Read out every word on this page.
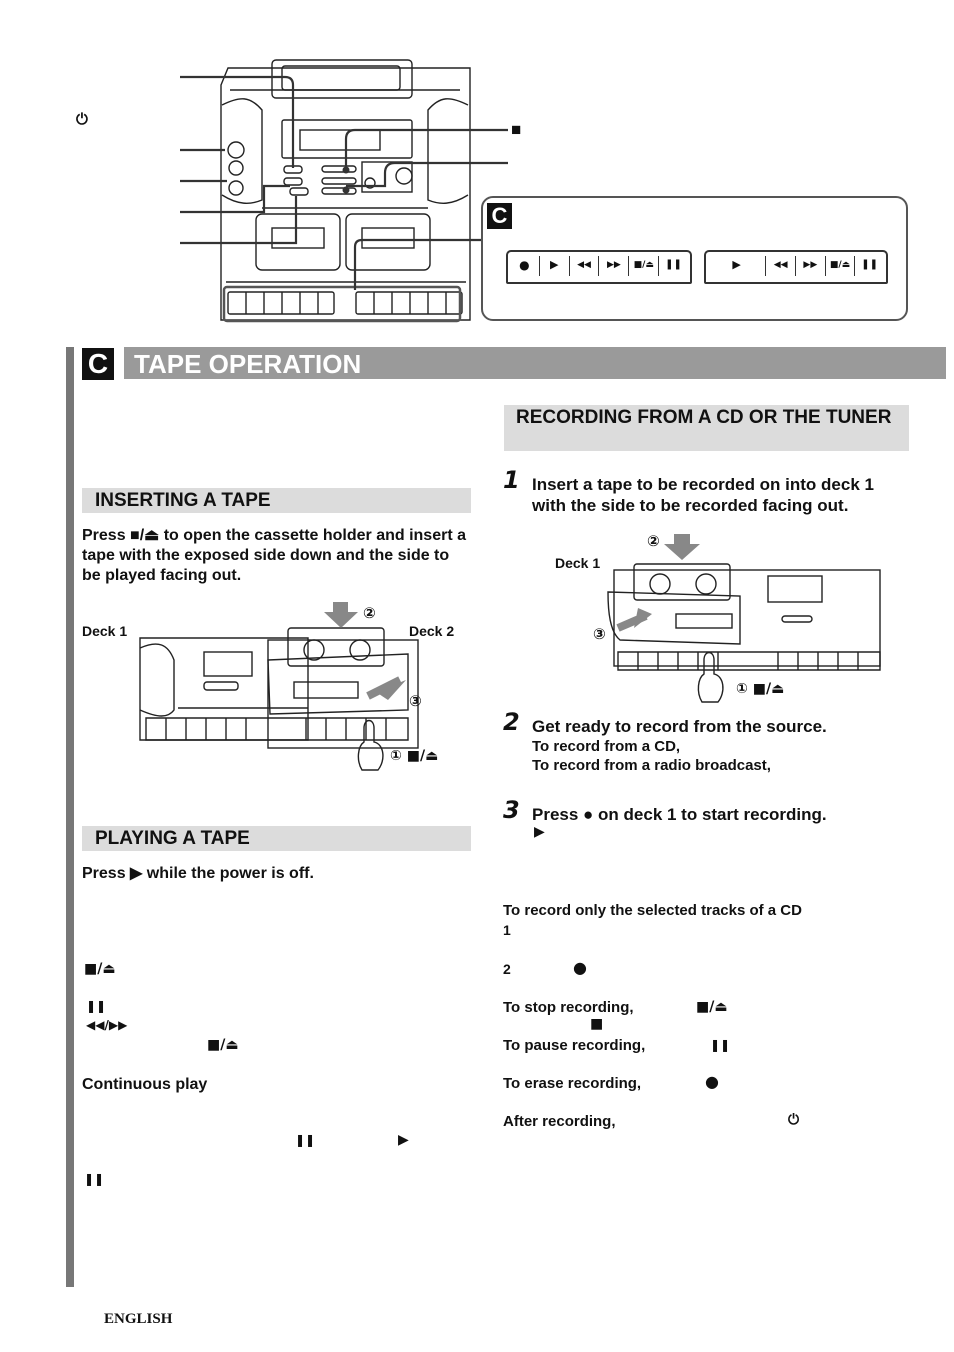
⏻
■
C
●	▶	◀◀	▶▶	■/⏏	❚❚	▶	◀◀	▶▶	■/⏏	❚❚
C TAPE OPERATION
INSERTING A TAPE
Press ■/⏏ to open the cassette holder and insert a tape with the exposed side down and the side to be played facing out.
Deck 1	Deck 2
②
③
① ■/⏏
PLAYING A TAPE
Press ▶ while the power is off.
■/⏏
❚❚
◀◀/▶▶
■/⏏
Continuous play
❚❚	▶
❚❚
RECORDING FROM A CD OR THE TUNER
1 Insert a tape to be recorded on into deck 1 with the side to be recorded facing out.
Deck 1
②
③
① ■/⏏
2 Get ready to record from the source.
To record from a CD,
To record from a radio broadcast,
3 Press ● on deck 1 to start recording.
▶
To record only the selected tracks of a CD
1
2	●
To stop recording,	■/⏏
■
To pause recording,	❚❚
To erase recording,	●
After recording,	⏻
ENGLISH
